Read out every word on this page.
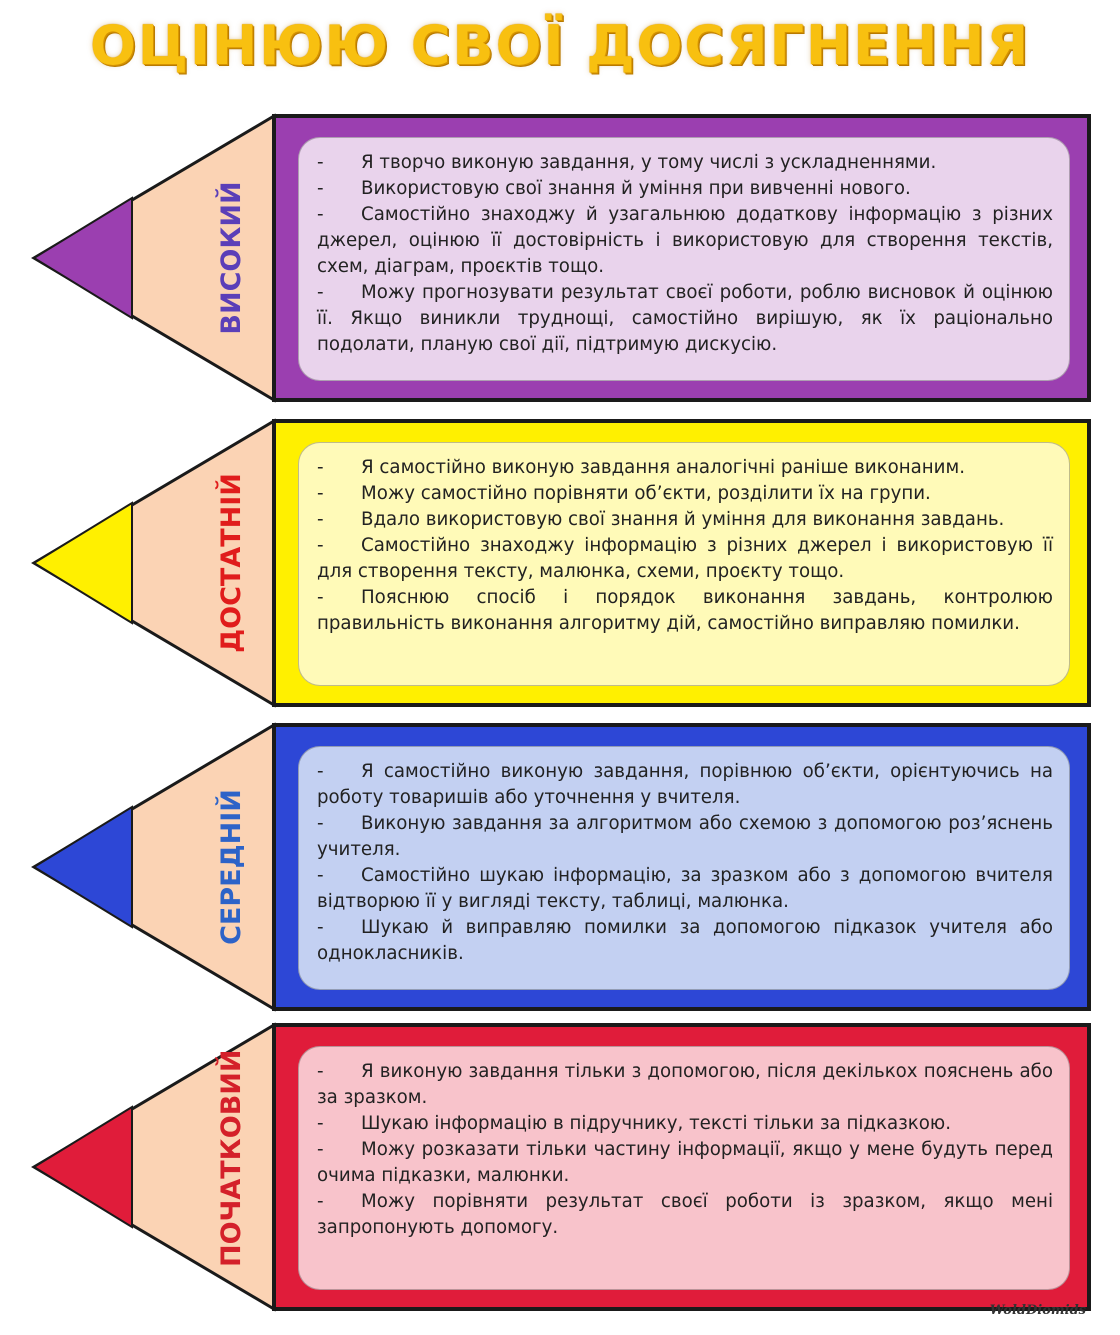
ОЦІНЮЮ СВОЇ ДОСЯГНЕННЯ
ВИСОКИЙ

- Я творчо виконую завдання, у тому числі з ускладненнями.

- Використовую свої знання й уміння при вивченні нового.

- Самостійно знаходжу й узагальнюю додаткову інформацію з різних джерел, оцінюю її достовірність і використовую для створення текстів, схем, діаграм, проєктів тощо.

- Можу прогнозувати результат своєї роботи, роблю висновок й оцінюю її. Якщо виникли труднощі, самостійно вирішую, як їх раціонально подолати, планую свої дії, підтримую дискусію.

ДОСТАТНІЙ

- Я самостійно виконую завдання аналогічні раніше виконаним.

- Можу самостійно порівняти об’єкти, розділити їх на групи.

- Вдало використовую свої знання й уміння для виконання завдань.

- Самостійно знаходжу інформацію з різних джерел і використовую її для створення тексту, малюнка, схеми, проєкту тощо.

- Пояснюю спосіб і порядок виконання завдань, контролюю правильність виконання алгоритму дій, самостійно виправляю помилки.

СЕРЕДНІЙ

- Я самостійно виконую завдання, порівнюю об’єкти, орієнтуючись на роботу товаришів або уточнення у вчителя.

- Виконую завдання за алгоритмом або схемою з допомогою роз’яснень учителя.

- Самостійно шукаю інформацію, за зразком або з допомогою вчителя відтворюю її у вигляді тексту, таблиці, малюнка.

- Шукаю й виправляю помилки за допомогою підказок учителя або однокласників.

ПОЧАТКОВИЙ	- Я виконую завдання тільки з допомогою, після декількох пояснень або за зразком.

- Шукаю інформацію в підручнику, тексті тільки за підказкою.

- Можу розказати тільки частину інформації, якщо у мене будуть перед очима підказки, малюнки.

- Можу порівняти результат своєї роботи із зразком, якщо мені запропонують допомогу.

WoldDiomids
